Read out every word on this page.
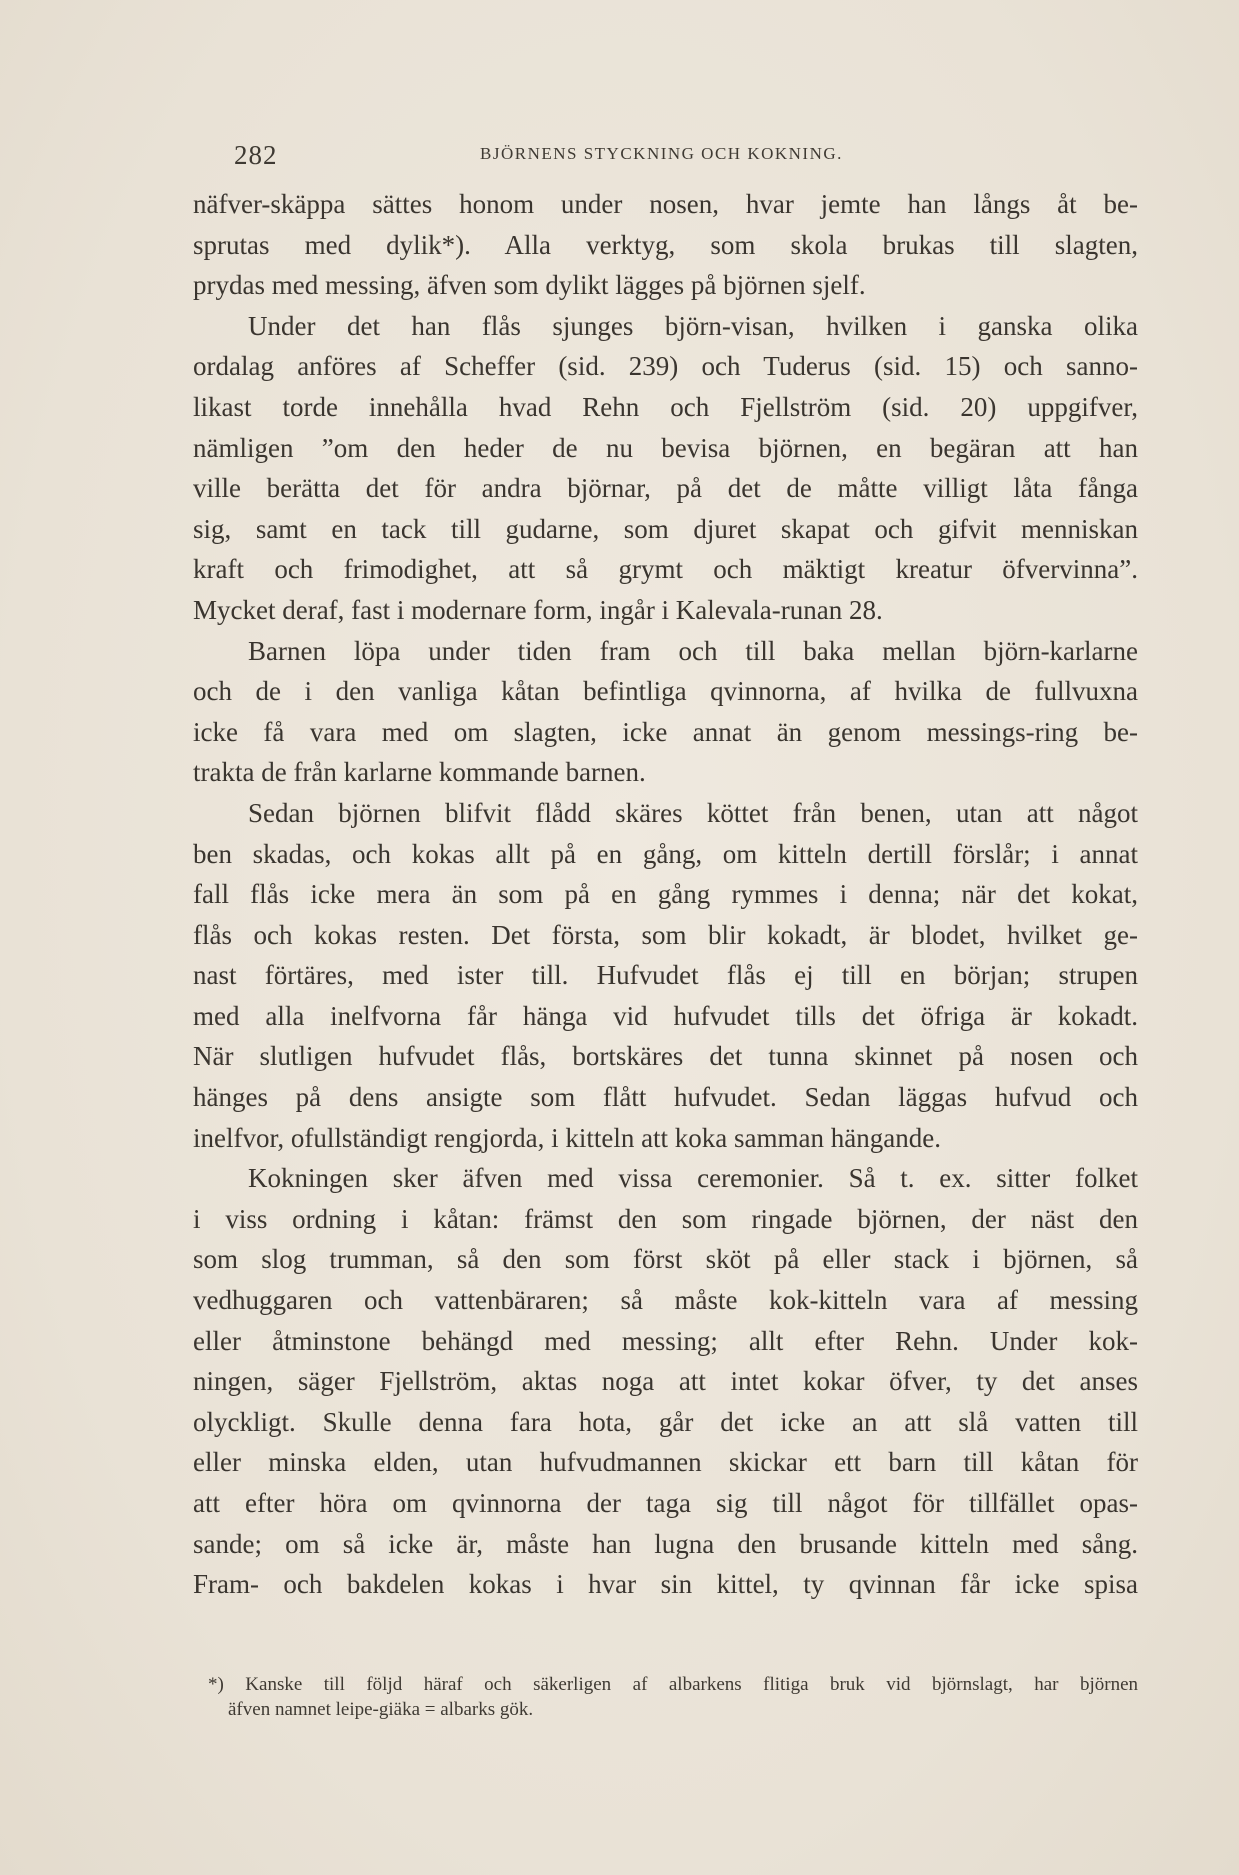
282	BJÖRNENS STYCKNING OCH KOKNING.
näfver-skäppa sättes honom under nosen, hvar jemte han långs åt be-
sprutas med dylik*). Alla verktyg, som skola brukas till slagten,
prydas med messing, äfven som dylikt lägges på björnen sjelf.
Under det han flås sjunges björn-visan, hvilken i ganska olika
ordalag anföres af Scheffer (sid. 239) och Tuderus (sid. 15) och sanno-
likast torde innehålla hvad Rehn och Fjellström (sid. 20) uppgifver,
nämligen ”om den heder de nu bevisa björnen, en begäran att han
ville berätta det för andra björnar, på det de måtte villigt låta fånga
sig, samt en tack till gudarne, som djuret skapat och gifvit menniskan
kraft och frimodighet, att så grymt och mäktigt kreatur öfvervinna”.
Mycket deraf, fast i modernare form, ingår i Kalevala-runan 28.
Barnen löpa under tiden fram och till baka mellan björn-karlarne
och de i den vanliga kåtan befintliga qvinnorna, af hvilka de fullvuxna
icke få vara med om slagten, icke annat än genom messings-ring be-
trakta de från karlarne kommande barnen.
Sedan björnen blifvit flådd skäres köttet från benen, utan att något
ben skadas, och kokas allt på en gång, om kitteln dertill förslår; i annat
fall flås icke mera än som på en gång rymmes i denna; när det kokat,
flås och kokas resten. Det första, som blir kokadt, är blodet, hvilket ge-
nast förtäres, med ister till. Hufvudet flås ej till en början; strupen
med alla inelfvorna får hänga vid hufvudet tills det öfriga är kokadt.
När slutligen hufvudet flås, bortskäres det tunna skinnet på nosen och
hänges på dens ansigte som flått hufvudet. Sedan läggas hufvud och
inelfvor, ofullständigt rengjorda, i kitteln att koka samman hängande.
Kokningen sker äfven med vissa ceremonier. Så t. ex. sitter folket
i viss ordning i kåtan: främst den som ringade björnen, der näst den
som slog trumman, så den som först sköt på eller stack i björnen, så
vedhuggaren och vattenbäraren; så måste kok-kitteln vara af messing
eller åtminstone behängd med messing; allt efter Rehn. Under kok-
ningen, säger Fjellström, aktas noga att intet kokar öfver, ty det anses
olyckligt. Skulle denna fara hota, går det icke an att slå vatten till
eller minska elden, utan hufvudmannen skickar ett barn till kåtan för
att efter höra om qvinnorna der taga sig till något för tillfället opas-
sande; om så icke är, måste han lugna den brusande kitteln med sång.
Fram- och bakdelen kokas i hvar sin kittel, ty qvinnan får icke spisa
*) Kanske till följd häraf och säkerligen af albarkens flitiga bruk vid björnslagt, har björnen
äfven namnet leipe-giäka = albarks gök.
